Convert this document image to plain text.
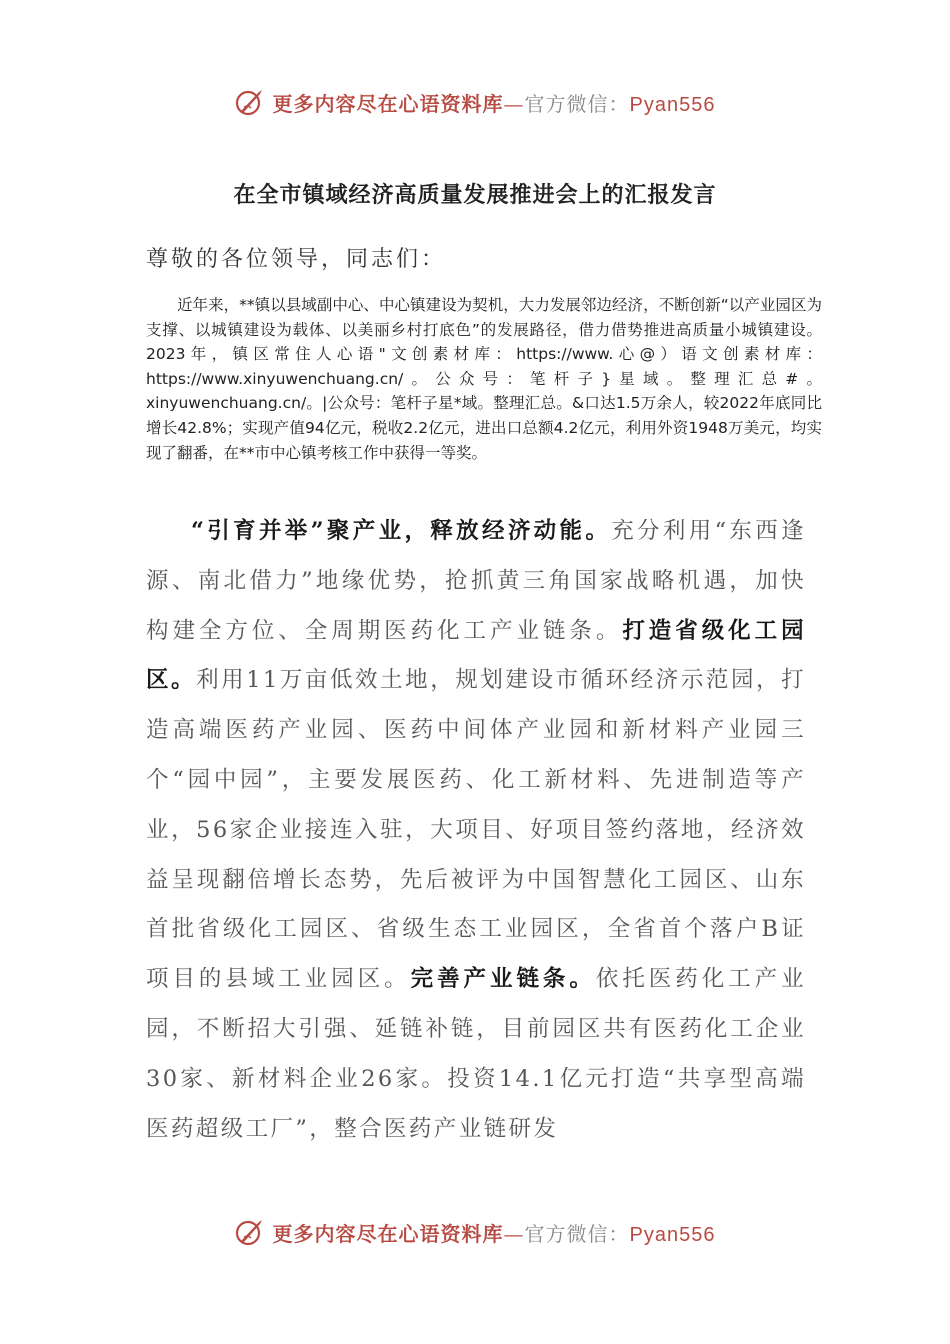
更多内容尽在心语资料库—官方微信：Pyan556
在全市镇域经济高质量发展推进会上的汇报发言
尊敬的各位领导，同志们：

近年来，**镇以县域副中心、中心镇建设为契机，大力发展邻边经济，不断创新“以产业园区为支撑、以城镇建设为载体、以美丽乡村打底色”的发展路径，借力借势推进高质量小城镇建设。2023年，镇区常住人心语"文创素材库：https://www.心@）语文创素材库：https://www.xinyuwenchuang.cn/。公众号：笔杆子}星域。整理汇总#。xinyuwenchuang.cn/。|公众号：笔杆子星*域。整理汇总。&口达1.5万余人，较2022年底同比增长42.8%；实现产值94亿元，税收2.2亿元，进出口总额4.2亿元，利用外资1948万美元，均实现了翻番，在**市中心镇考核工作中获得一等奖。

“引育并举”聚产业，释放经济动能。充分利用“东西逢源、南北借力”地缘优势，抢抓黄三角国家战略机遇，加快构建全方位、全周期医药化工产业链条。打造省级化工园区。利用11万亩低效土地，规划建设市循环经济示范园，打造高端医药产业园、医药中间体产业园和新材料产业园三个“园中园”，主要发展医药、化工新材料、先进制造等产业，56家企业接连入驻，大项目、好项目签约落地，经济效益呈现翻倍增长态势，先后被评为中国智慧化工园区、山东首批省级化工园区、省级生态工业园区，全省首个落户B证项目的县域工业园区。完善产业链条。依托医药化工产业园，不断招大引强、延链补链，目前园区共有医药化工企业30家、新材料企业26家。投资14.1亿元打造“共享型高端医药超级工厂”，整合医药产业链研发

更多内容尽在心语资料库—官方微信：Pyan556
